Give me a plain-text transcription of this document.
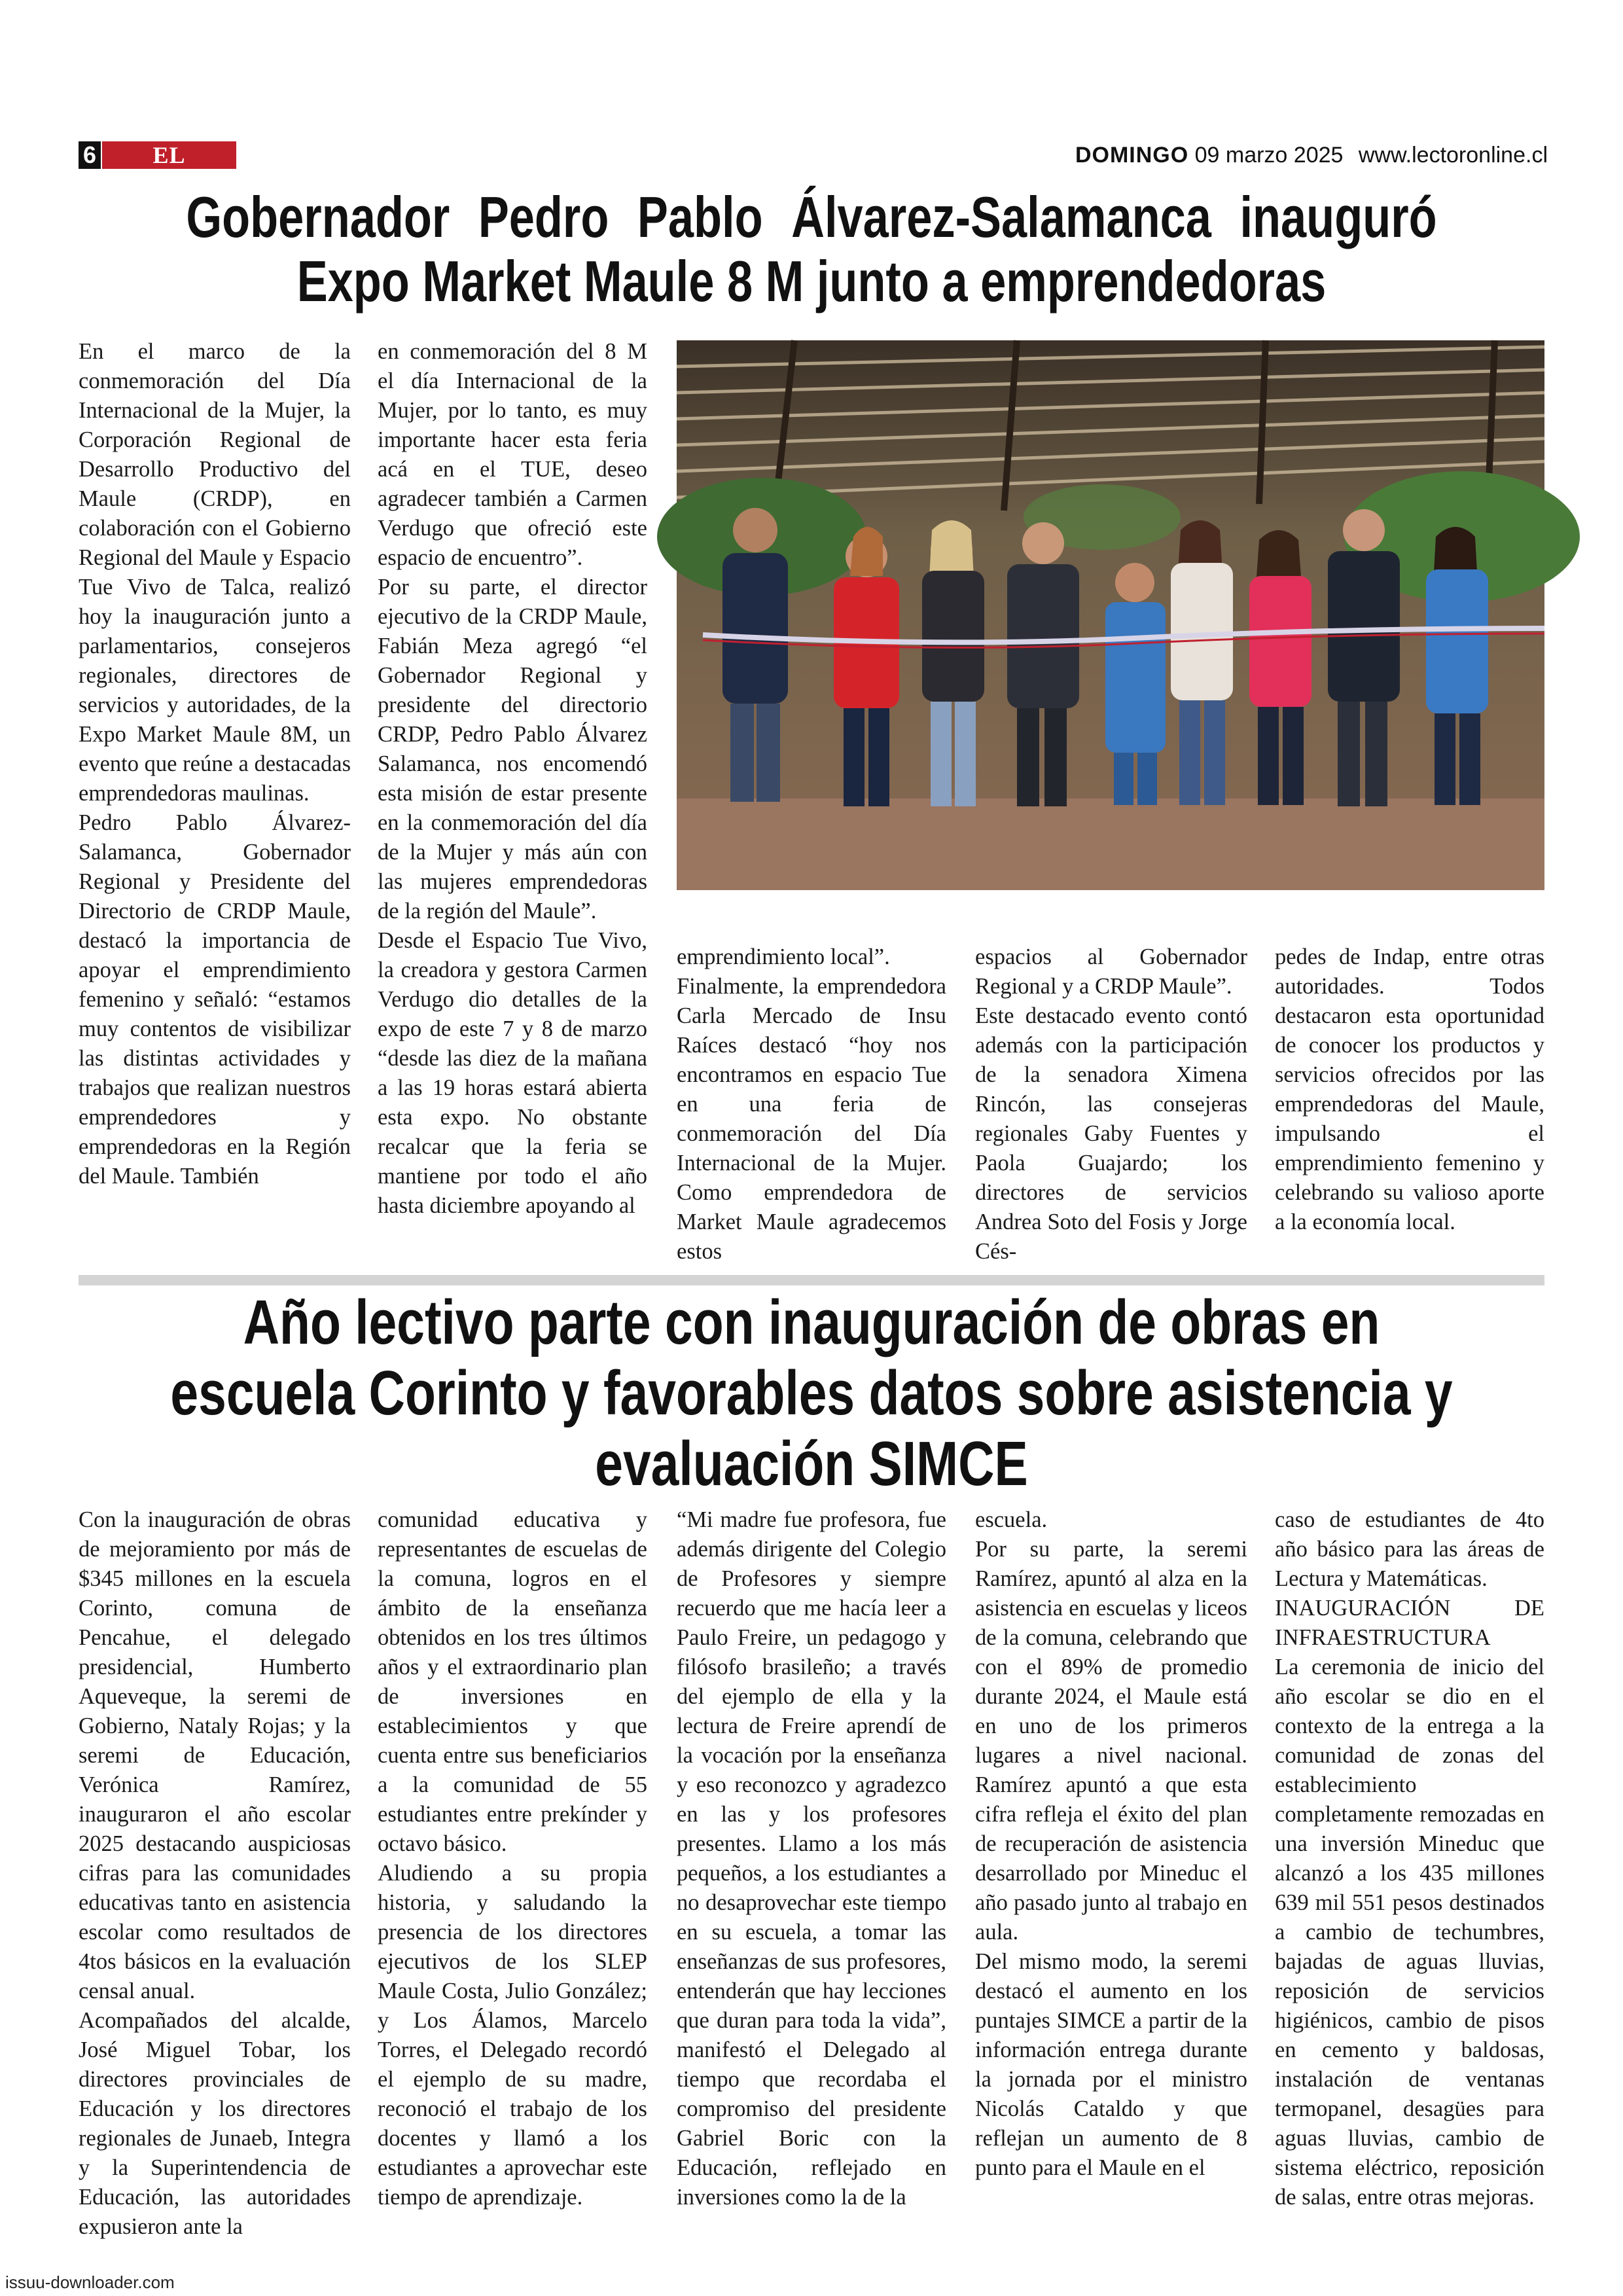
6	EL LECTOR
DOMINGO 09 marzo 2025 www.lectoronline.cl
Gobernador Pedro Pablo Álvarez-Salamanca inauguró
Expo Market Maule 8 M junto a emprendedoras

En el marco de la conmemoración del Día Internacional de la Mujer, la Corporación Regional de Desarrollo Productivo del Maule (CRDP), en colaboración con el Gobierno Regional del Maule y Espacio Tue Vivo de Talca, realizó hoy la inauguración junto a parlamentarios, consejeros regionales, directores de servicios y autoridades, de la Expo Market Maule 8M, un evento que reúne a destacadas emprendedoras maulinas.

Pedro Pablo Álvarez-Salamanca, Gobernador Regional y Presidente del Directorio de CRDP Maule, destacó la importancia de apoyar el emprendimiento femenino y señaló: “estamos muy contentos de visibilizar las distintas actividades y trabajos que realizan nuestros emprendedores y emprendedoras en la Región del Maule. También

en conmemoración del 8 M el día Internacional de la Mujer, por lo tanto, es muy importante hacer esta feria acá en el TUE, deseo agradecer también a Carmen Verdugo que ofreció este espacio de encuentro”.

Por su parte, el director ejecutivo de la CRDP Maule, Fabián Meza agregó “el Gobernador Regional y presidente del directorio CRDP, Pedro Pablo Álvarez Salamanca, nos encomendó esta misión de estar presente en la conmemoración del día de la Mujer y más aún con las mujeres emprendedoras de la región del Maule”.

Desde el Espacio Tue Vivo, la creadora y gestora Carmen Verdugo dio detalles de la expo de este 7 y 8 de marzo “desde las diez de la mañana a las 19 horas estará abierta esta expo. No obstante recalcar que la feria se mantiene por todo el año hasta diciembre apoyando al

emprendimiento local”.

Finalmente, la emprendedora Carla Mercado de Insu Raíces destacó “hoy nos encontramos en espacio Tue en una feria de conmemoración del Día Internacional de la Mujer. Como emprendedora de Market Maule agradecemos estos

espacios al Gobernador Regional y a CRDP Maule”.

Este destacado evento contó además con la participación de la senadora Ximena Rincón, las consejeras regionales Gaby Fuentes y Paola Guajardo; los directores de servicios Andrea Soto del Fosis y Jorge Cés-

pedes de Indap, entre otras autoridades. Todos destacaron esta oportunidad de conocer los productos y servicios ofrecidos por las emprendedoras del Maule, impulsando el emprendimiento femenino y celebrando su valioso aporte a la economía local.

Año lectivo parte con inauguración de obras en
escuela Corinto y favorables datos sobre asistencia y
evaluación SIMCE

Con la inauguración de obras de mejoramiento por más de $345 millones en la escuela Corinto, comuna de Pencahue, el delegado presidencial, Humberto Aqueveque, la seremi de Gobierno, Nataly Rojas; y la seremi de Educación, Verónica Ramírez, inauguraron el año escolar 2025 destacando auspiciosas cifras para las comunidades educativas tanto en asistencia escolar como resultados de 4tos básicos en la evaluación censal anual.

Acompañados del alcalde, José Miguel Tobar, los directores provinciales de Educación y los directores regionales de Junaeb, Integra y la Superintendencia de Educación, las autoridades expusieron ante la

comunidad educativa y representantes de escuelas de la comuna, logros en el ámbito de la enseñanza obtenidos en los tres últimos años y el extraordinario plan de inversiones en establecimientos y que cuenta entre sus beneficiarios a la comunidad de 55 estudiantes entre prekínder y octavo básico.

Aludiendo a su propia historia, y saludando la presencia de los directores ejecutivos de los SLEP Maule Costa, Julio González; y Los Álamos, Marcelo Torres, el Delegado recordó el ejemplo de su madre, reconoció el trabajo de los docentes y llamó a los estudiantes a aprovechar este tiempo de aprendizaje.

“Mi madre fue profesora, fue además dirigente del Colegio de Profesores y siempre recuerdo que me hacía leer a Paulo Freire, un pedagogo y filósofo brasileño; a través del ejemplo de ella y la lectura de Freire aprendí de la vocación por la enseñanza y eso reconozco y agradezco en las y los profesores presentes. Llamo a los más pequeños, a los estudiantes a no desaprovechar este tiempo en su escuela, a tomar las enseñanzas de sus profesores, entenderán que hay lecciones que duran para toda la vida”, manifestó el Delegado al tiempo que recordaba el compromiso del presidente Gabriel Boric con la Educación, reflejado en inversiones como la de la

escuela.

Por su parte, la seremi Ramírez, apuntó al alza en la asistencia en escuelas y liceos de la comuna, celebrando que con el 89% de promedio durante 2024, el Maule está en uno de los primeros lugares a nivel nacional. Ramírez apuntó a que esta cifra refleja el éxito del plan de recuperación de asistencia desarrollado por Mineduc el año pasado junto al trabajo en aula.

Del mismo modo, la seremi destacó el aumento en los puntajes SIMCE a partir de la información entrega durante la jornada por el ministro Nicolás Cataldo y que reflejan un aumento de 8 punto para el Maule en el

caso de estudiantes de 4to año básico para las áreas de Lectura y Matemáticas.

INAUGURACIÓN DE INFRAESTRUCTURA

La ceremonia de inicio del año escolar se dio en el contexto de la entrega a la comunidad de zonas del establecimiento completamente remozadas en una inversión Mineduc que alcanzó a los 435 millones 639 mil 551 pesos destinados a cambio de techumbres, bajadas de aguas lluvias, reposición de servicios higiénicos, cambio de pisos en cemento y baldosas, instalación de ventanas termopanel, desagües para aguas lluvias, cambio de sistema eléctrico, reposición de salas, entre otras mejoras.

issuu-downloader.com
